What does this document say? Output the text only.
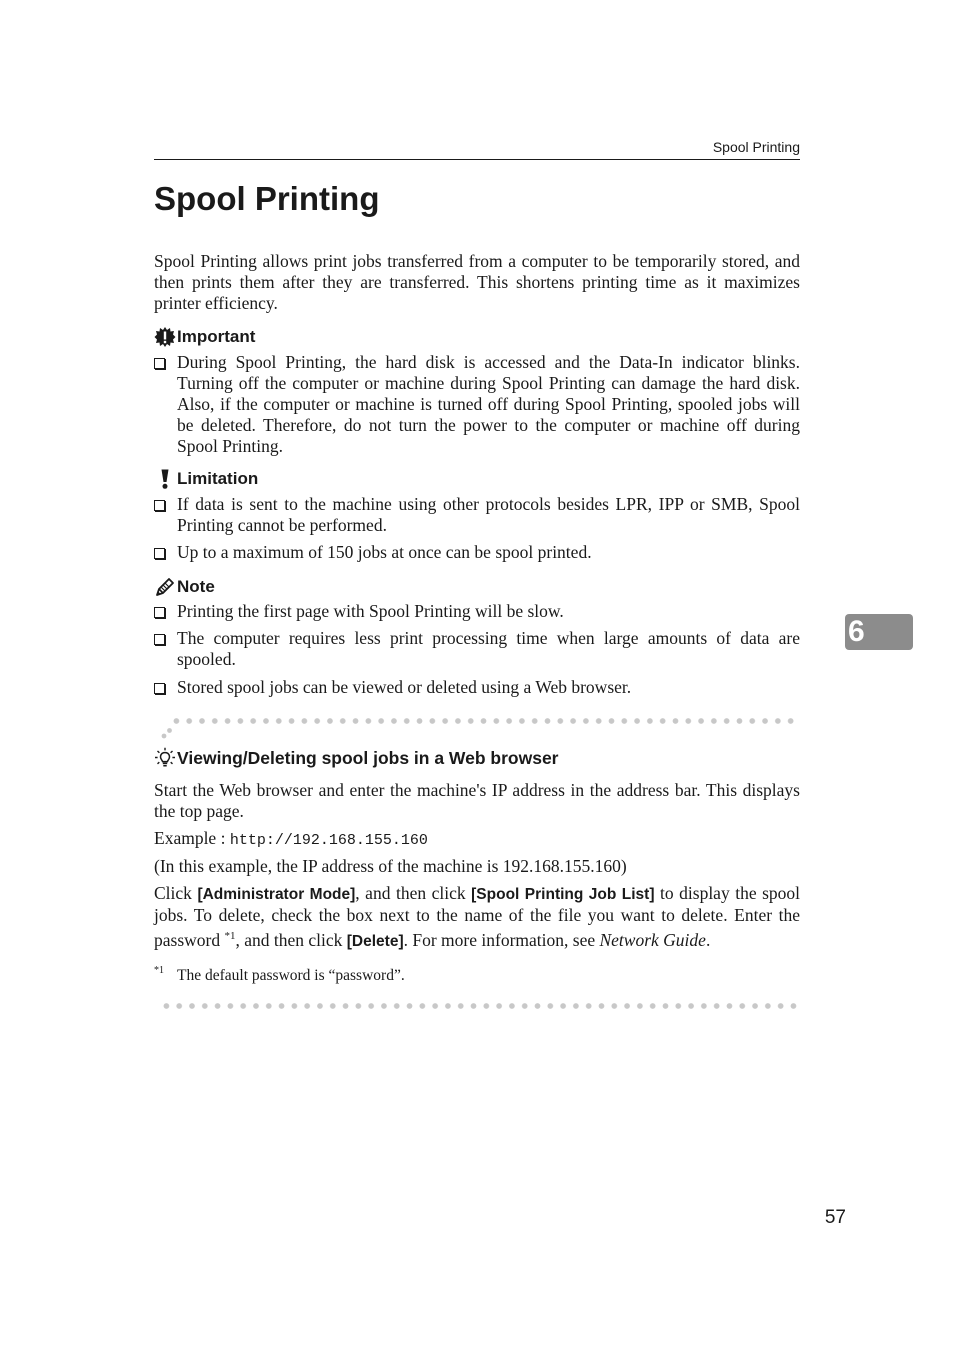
Spool Printing
Spool Printing

Spool Printing allows print jobs transferred from a computer to be temporarily stored, and then prints them after they are transferred. This shortens printing time as it maximizes printer efficiency.

Important
During Spool Printing, the hard disk is accessed and the Data-In indicator blinks. Turning off the computer or machine during Spool Printing can damage the hard disk. Also, if the computer or machine is turned off during Spool Printing, spooled jobs will be deleted. Therefore, do not turn the power to the computer or machine off during Spool Printing.
Limitation
If data is sent to the machine using other protocols besides LPR, IPP or SMB, Spool Printing cannot be performed.
Up to a maximum of 150 jobs at once can be spool printed.
Note
Printing the first page with Spool Printing will be slow.
The computer requires less print processing time when large amounts of data are spooled.
Stored spool jobs can be viewed or deleted using a Web browser.
Viewing/Deleting spool jobs in a Web browser

Start the Web browser and enter the machine's IP address in the address bar. This displays the top page.

Example : http://192.168.155.160

(In this example, the IP address of the machine is 192.168.155.160)

Click [Administrator Mode], and then click [Spool Printing Job List] to display the spool jobs. To delete, check the box next to the name of the file you want to delete. Enter the password $^{*1}$, and then click [Delete]. For more information, see Network Guide.

*1 The default password is “password”.
6
57
